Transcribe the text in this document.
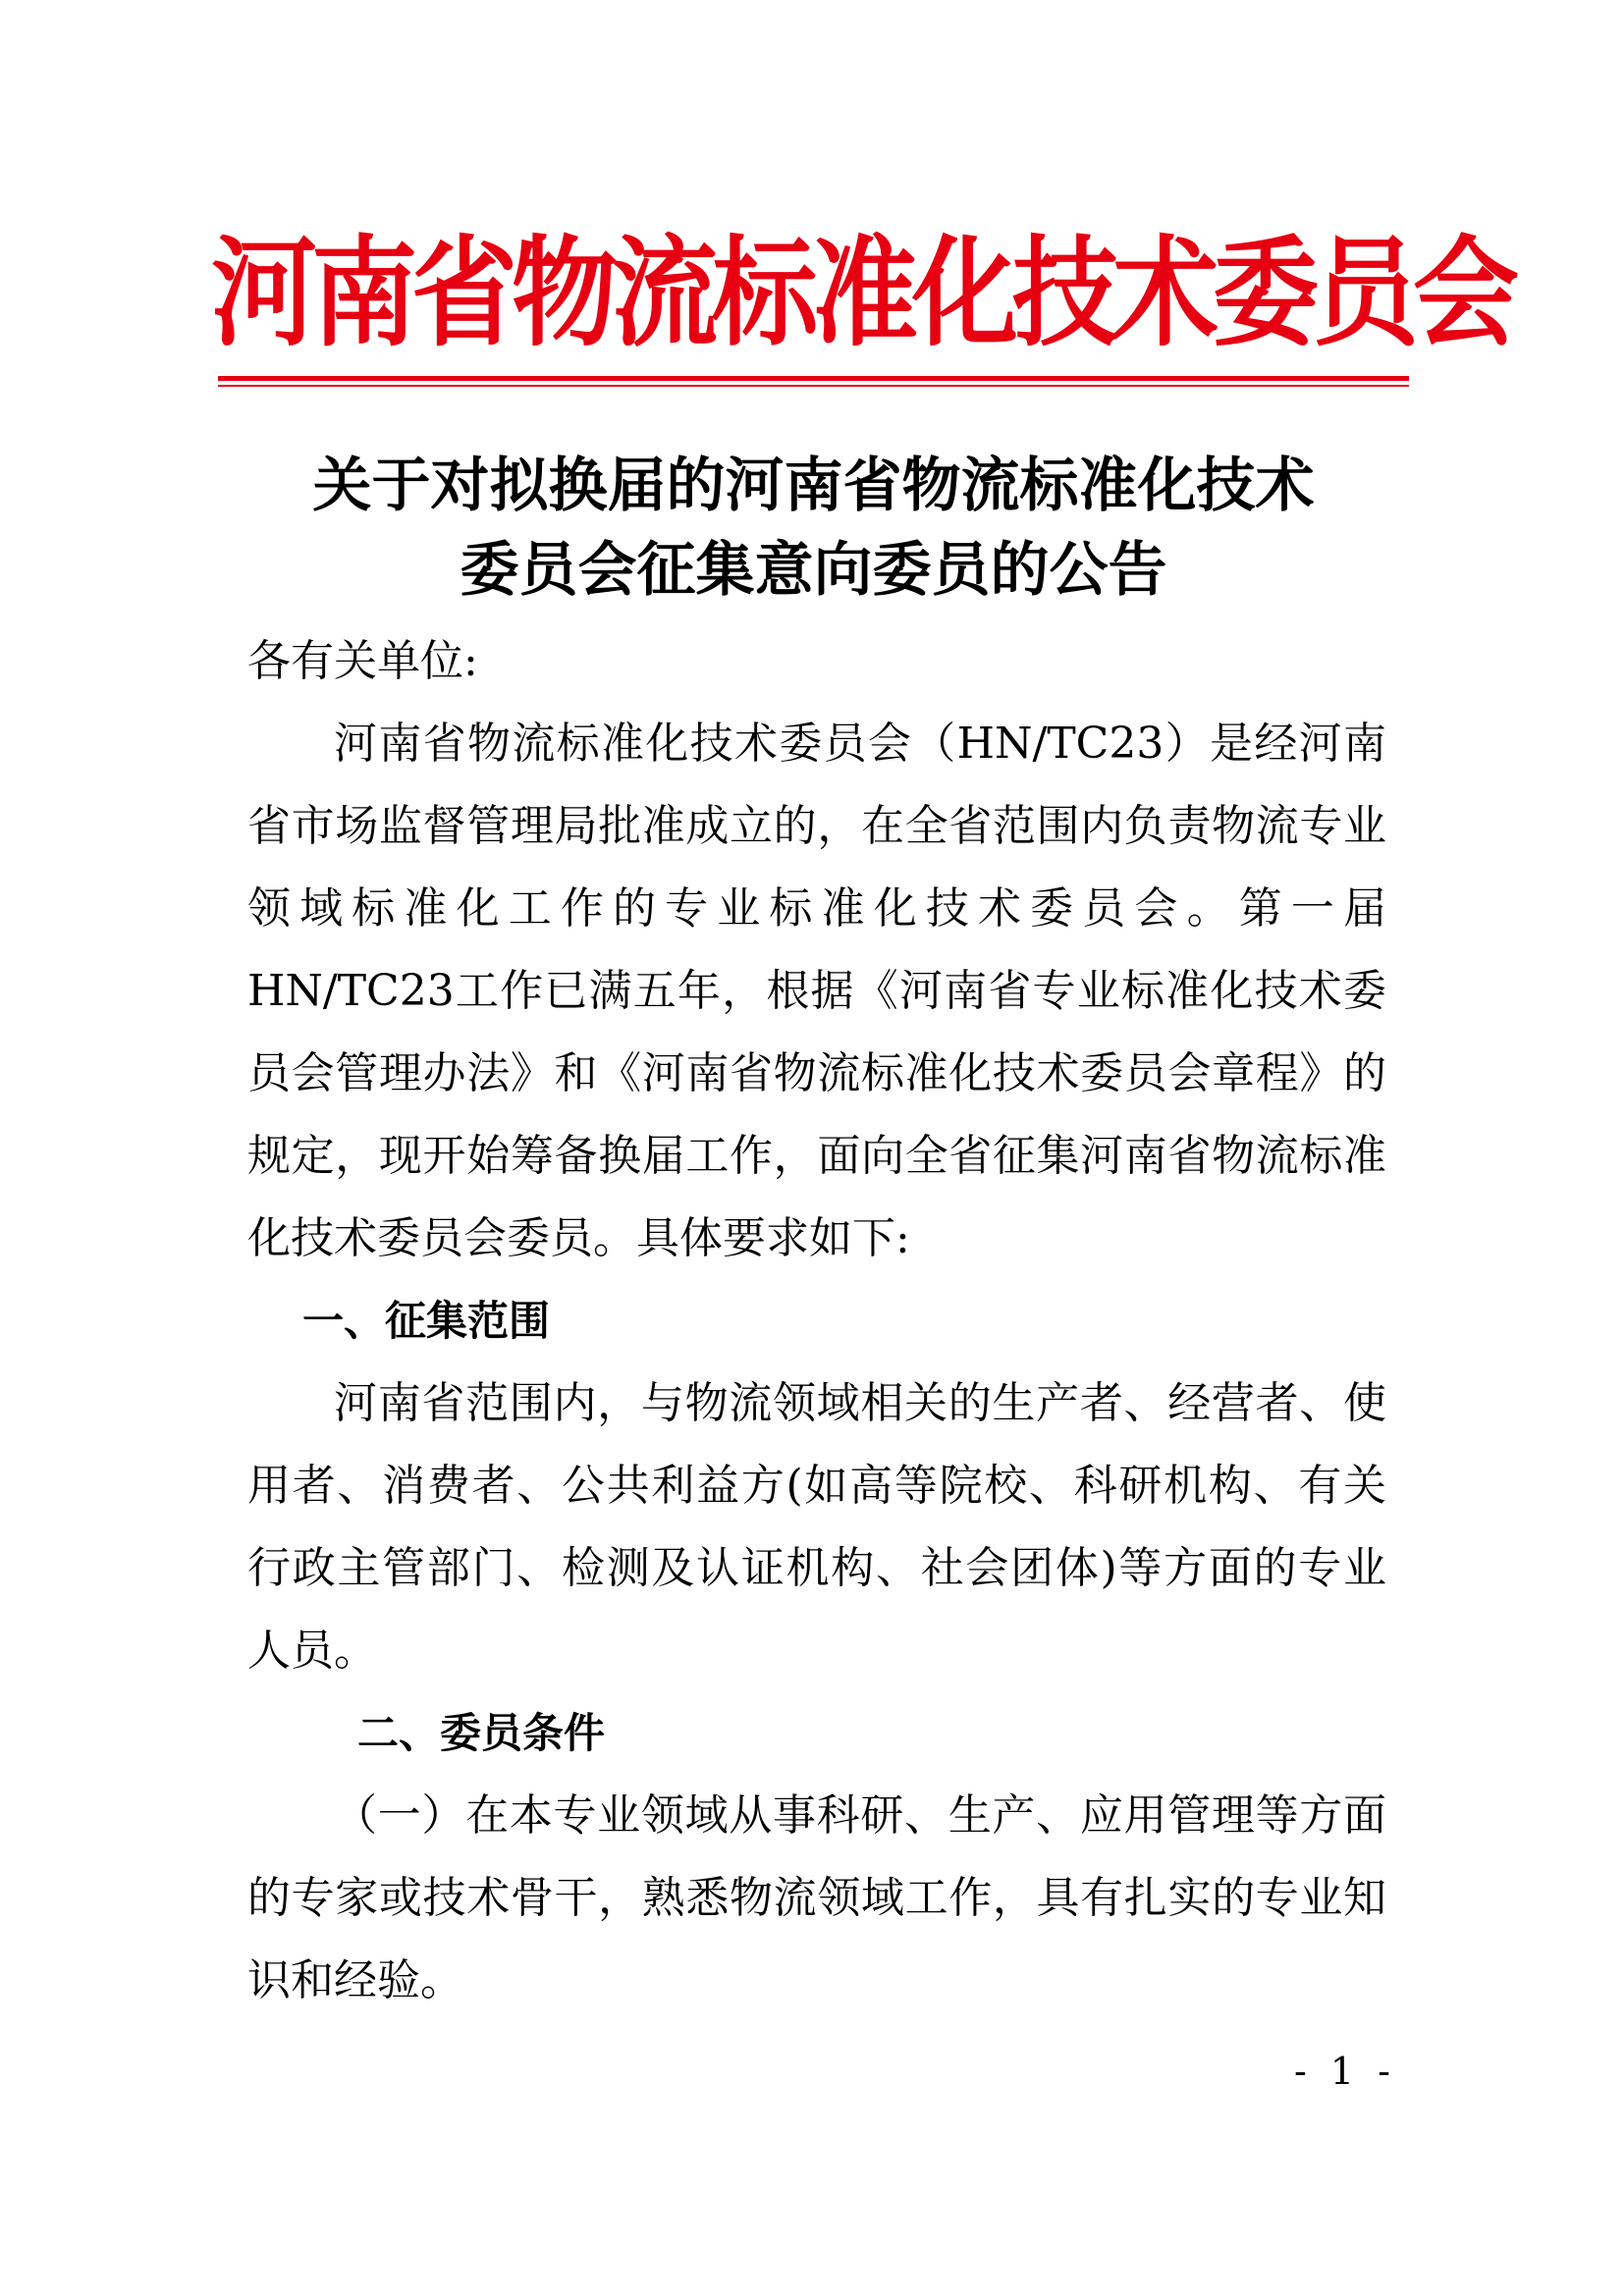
河南省物流标准化技术委员会
关于对拟换届的河南省物流标准化技术
委员会征集意向委员的公告

各有关单位:

河南省物流标准化技术委员会（HN/TC23）是经河南省市场监督管理局批准成立的，在全省范围内负责物流专业领域标准化工作的专业标准化技术委员会。第一届HN/TC23工作已满五年，根据《河南省专业标准化技术委员会管理办法》和《河南省物流标准化技术委员会章程》的规定，现开始筹备换届工作，面向全省征集河南省物流标准化技术委员会委员。具体要求如下:

一、征集范围

河南省范围内，与物流领域相关的生产者、经营者、使用者、消费者、公共利益方(如高等院校、科研机构、有关行政主管部门、检测及认证机构、社会团体)等方面的专业人员。

二、委员条件

（一）在本专业领域从事科研、生产、应用管理等方面的专家或技术骨干，熟悉物流领域工作，具有扎实的专业知识和经验。

- 1 -
